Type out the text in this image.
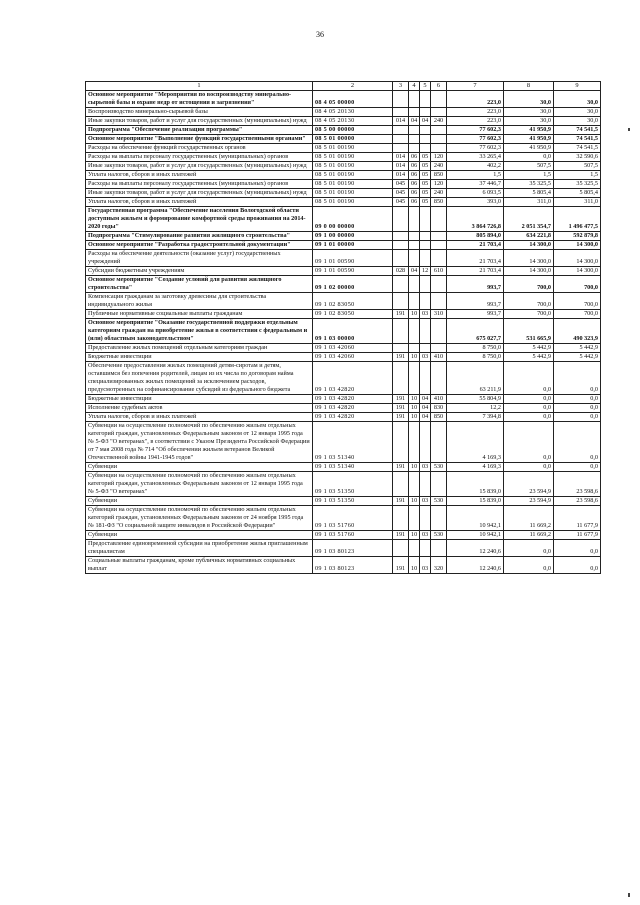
36
1	2	3	4	5	6	7	8	9
Основное мероприятие "Мероприятия по воспроизводству минерально-сырьевой базы и охране недр от истощения и загрязнения"	08 4 05 00000					223,0	30,0	30,0
Воспроизводство минерально-сырьевой базы	08 4 05 20130					223,0	30,0	30,0
Иные закупки товаров, работ и услуг для государственных (муниципальных) нужд	08 4 05 20130	014	04	04	240	223,0	30,0	30,0
Подпрограмма "Обеспечение реализации программы"	08 5 00 00000					77 602,3	41 950,9	74 541,5
Основное мероприятие "Выполнение функций государственными органами"	08 5 01 00000					77 602,3	41 950,9	74 541,5
Расходы на обеспечение функций государственных органов	08 5 01 00190					77 602,3	41 950,9	74 541,5
Расходы на выплаты персоналу государственных (муниципальных) органов	08 5 01 00190	014	06	05	120	33 265,4	0,0	32 590,6
Иные закупки товаров, работ и услуг для государственных (муниципальных) нужд	08 5 01 00190	014	06	05	240	402,2	507,5	507,5
Уплата налогов, сборов и иных платежей	08 5 01 00190	014	06	05	850	1,5	1,5	1,5
Расходы на выплаты персоналу государственных (муниципальных) органов	08 5 01 00190	045	06	05	120	37 446,7	35 325,5	35 325,5
Иные закупки товаров, работ и услуг для государственных (муниципальных) нужд	08 5 01 00190	045	06	05	240	6 093,5	5 805,4	5 805,4
Уплата налогов, сборов и иных платежей	08 5 01 00190	045	06	05	850	393,0	311,0	311,0
Государственная программа "Обеспечение населения Вологодской области доступным жильем и формирование комфортной среды проживания на 2014-2020 годы"	09 0 00 00000					3 864 726,8	2 051 354,7	1 496 477,5
Подпрограмма "Стимулирование развития жилищного строительства"	09 1 00 00000					805 894,0	634 221,8	592 879,8
Основное мероприятие "Разработка градостроительной документации"	09 1 01 00000					21 703,4	14 300,0	14 300,0
Расходы на обеспечение деятельности (оказание услуг) государственных учреждений	09 1 01 00590					21 703,4	14 300,0	14 300,0
Субсидии бюджетным учреждениям	09 1 01 00590	028	04	12	610	21 703,4	14 300,0	14 300,0
Основное мероприятие "Создание условий для развития жилищного строительства"	09 1 02 00000					993,7	700,0	700,0
Компенсация гражданам за заготовку древесины для строительства индивидуального жилья	09 1 02 83050					993,7	700,0	700,0
Публичные нормативные социальные выплаты гражданам	09 1 02 83050	191	10	03	310	993,7	700,0	700,0
Основное мероприятие "Оказание государственной поддержки отдельным категориям граждан на приобретение жилья в соответствии с федеральным и (или) областным законодательством"	09 1 03 00000					675 027,7	531 665,9	490 323,9
Предоставление жилых помещений отдельным категориям граждан	09 1 03 42060					8 750,0	5 442,9	5 442,9
Бюджетные инвестиции	09 1 03 42060	191	10	03	410	8 750,0	5 442,9	5 442,9
Обеспечение предоставления жилых помещений детям-сиротам и детям, оставшимся без попечения родителей, лицам из их числа по договорам найма специализированных жилых помещений за исключением расходов, предусмотренных на софинансирование субсидий из федерального бюджета	09 1 03 42820					63 211,9	0,0	0,0
Бюджетные инвестиции	09 1 03 42820	191	10	04	410	55 804,9	0,0	0,0
Исполнение судебных актов	09 1 03 42820	191	10	04	830	12,2	0,0	0,0
Уплата налогов, сборов и иных платежей	09 1 03 42820	191	10	04	850	7 394,8	0,0	0,0
Субвенции на осуществление полномочий по обеспечению жильем отдельных категорий граждан, установленных Федеральным законом от 12 января 1995 года № 5-ФЗ "О ветеранах", в соответствии с Указом Президента Российской Федерации от 7 мая 2008 года № 714 "Об обеспечении жильем ветеранов Великой Отечественной войны 1941-1945 годов"	09 1 03 51340					4 169,3	0,0	0,0
Субвенции	09 1 03 51340	191	10	03	530	4 169,3	0,0	0,0
Субвенции на осуществление полномочий по обеспечению жильем отдельных категорий граждан, установленных Федеральным законом от 12 января 1995 года № 5-ФЗ "О ветеранах"	09 1 03 51350					15 839,0	23 594,9	23 598,6
Субвенции	09 1 03 51350	191	10	03	530	15 839,0	23 594,9	23 598,6
Субвенции на осуществление полномочий по обеспечению жильем отдельных категорий граждан, установленных Федеральным законом от 24 ноября 1995 года № 181-ФЗ "О социальной защите инвалидов в Российской Федерации"	09 1 03 51760					10 942,1	11 669,2	11 677,9
Субвенции	09 1 03 51760	191	10	03	530	10 942,1	11 669,2	11 677,9
Предоставление единовременной субсидии на приобретение жилья приглашенным специалистам	09 1 03 80123					12 240,6	0,0	0,0
Социальные выплаты гражданам, кроме публичных нормативных социальных выплат	09 1 03 80123	191	10	03	320	12 240,6	0,0	0,0
